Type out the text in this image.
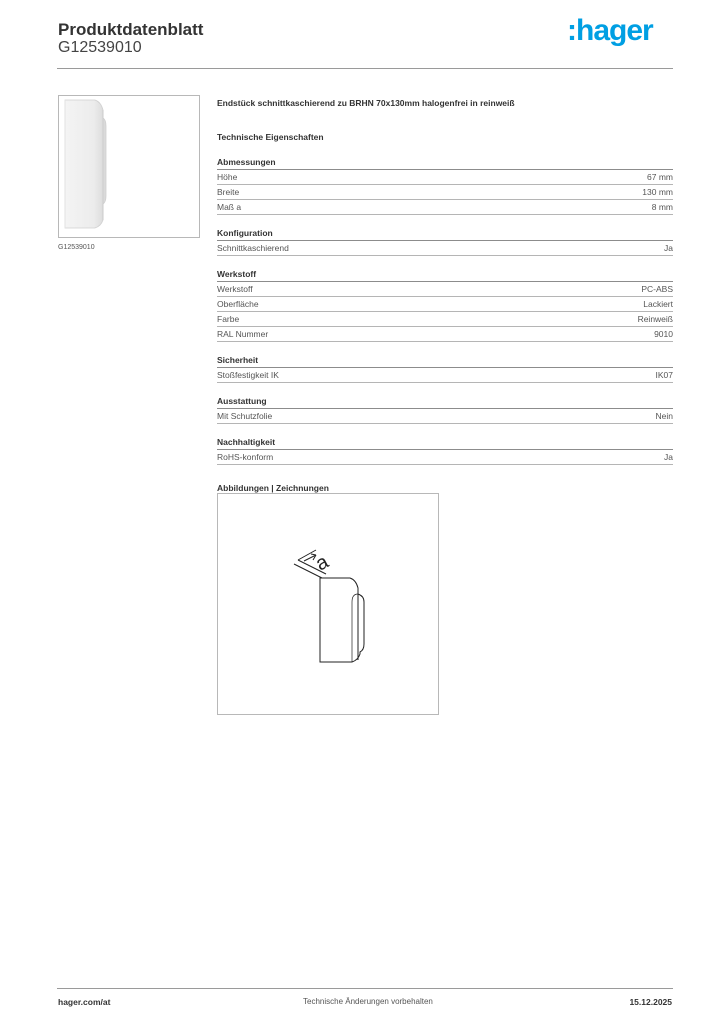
Produktdatenblatt
G12539010
:hager
G12539010
Endstück schnittkaschierend zu BRHN 70x130mm halogenfrei in reinweiß
Technische Eigenschaften
Abmessungen
Höhe	67 mm
Breite	130 mm
Maß a	8 mm
Konfiguration
Schnittkaschierend	Ja
Werkstoff
Werkstoff	PC-ABS
Oberfläche	Lackiert
Farbe	Reinweiß
RAL Nummer	9010
Sicherheit
Stoßfestigkeit IK	IK07
Ausstattung
Mit Schutzfolie	Nein
Nachhaltigkeit
RoHS-konform	Ja
Abbildungen | Zeichnungen
a
hager.com/at	Technische Änderungen vorbehalten	15.12.2025
